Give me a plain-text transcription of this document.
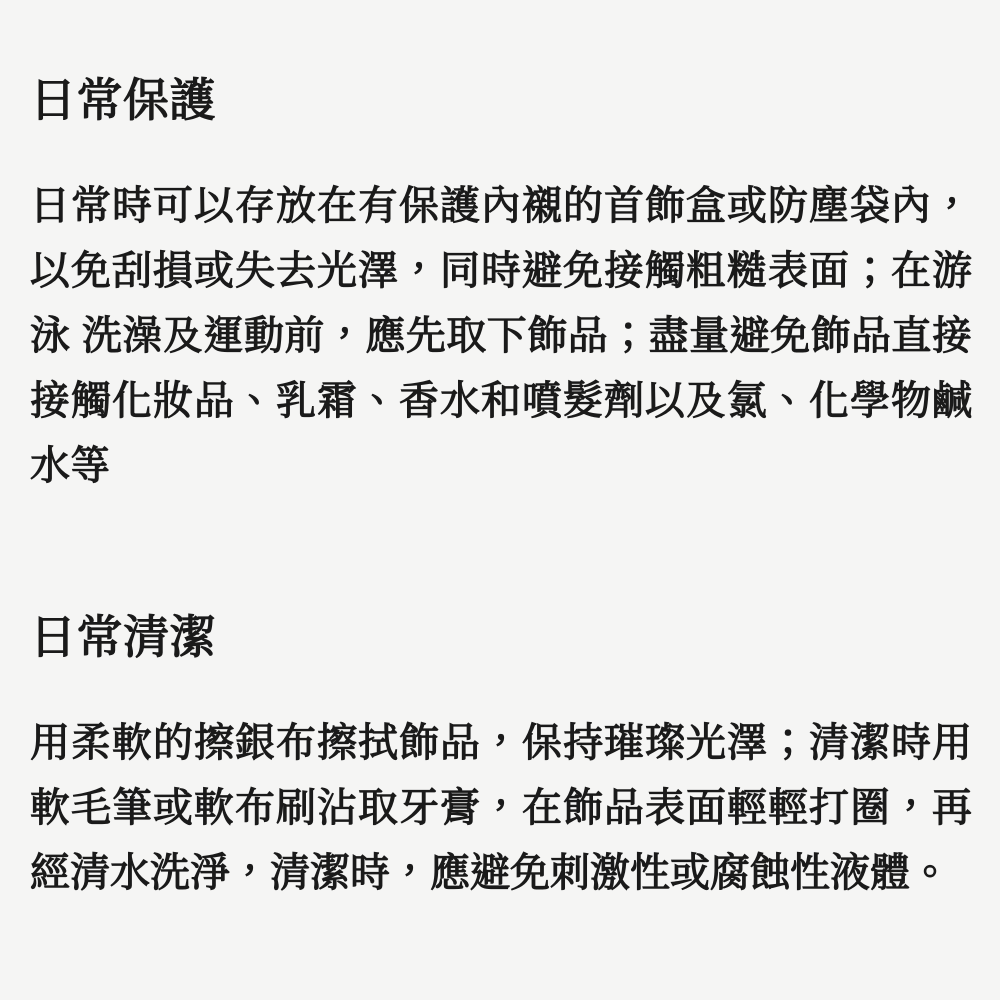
日常保護

日常時可以存放在有保護內襯的首飾盒或防塵袋內，以免刮損或失去光澤，同時避免接觸粗糙表面；在游泳 洗澡及運動前，應先取下飾品；盡量避免飾品直接接觸化妝品、乳霜、香水和噴髮劑以及氯、化學物鹹水等

日常清潔

用柔軟的擦銀布擦拭飾品，保持璀璨光澤；清潔時用軟毛筆或軟布刷沾取牙膏，在飾品表面輕輕打圈，再經清水洗淨，清潔時，應避免刺激性或腐蝕性液體。
